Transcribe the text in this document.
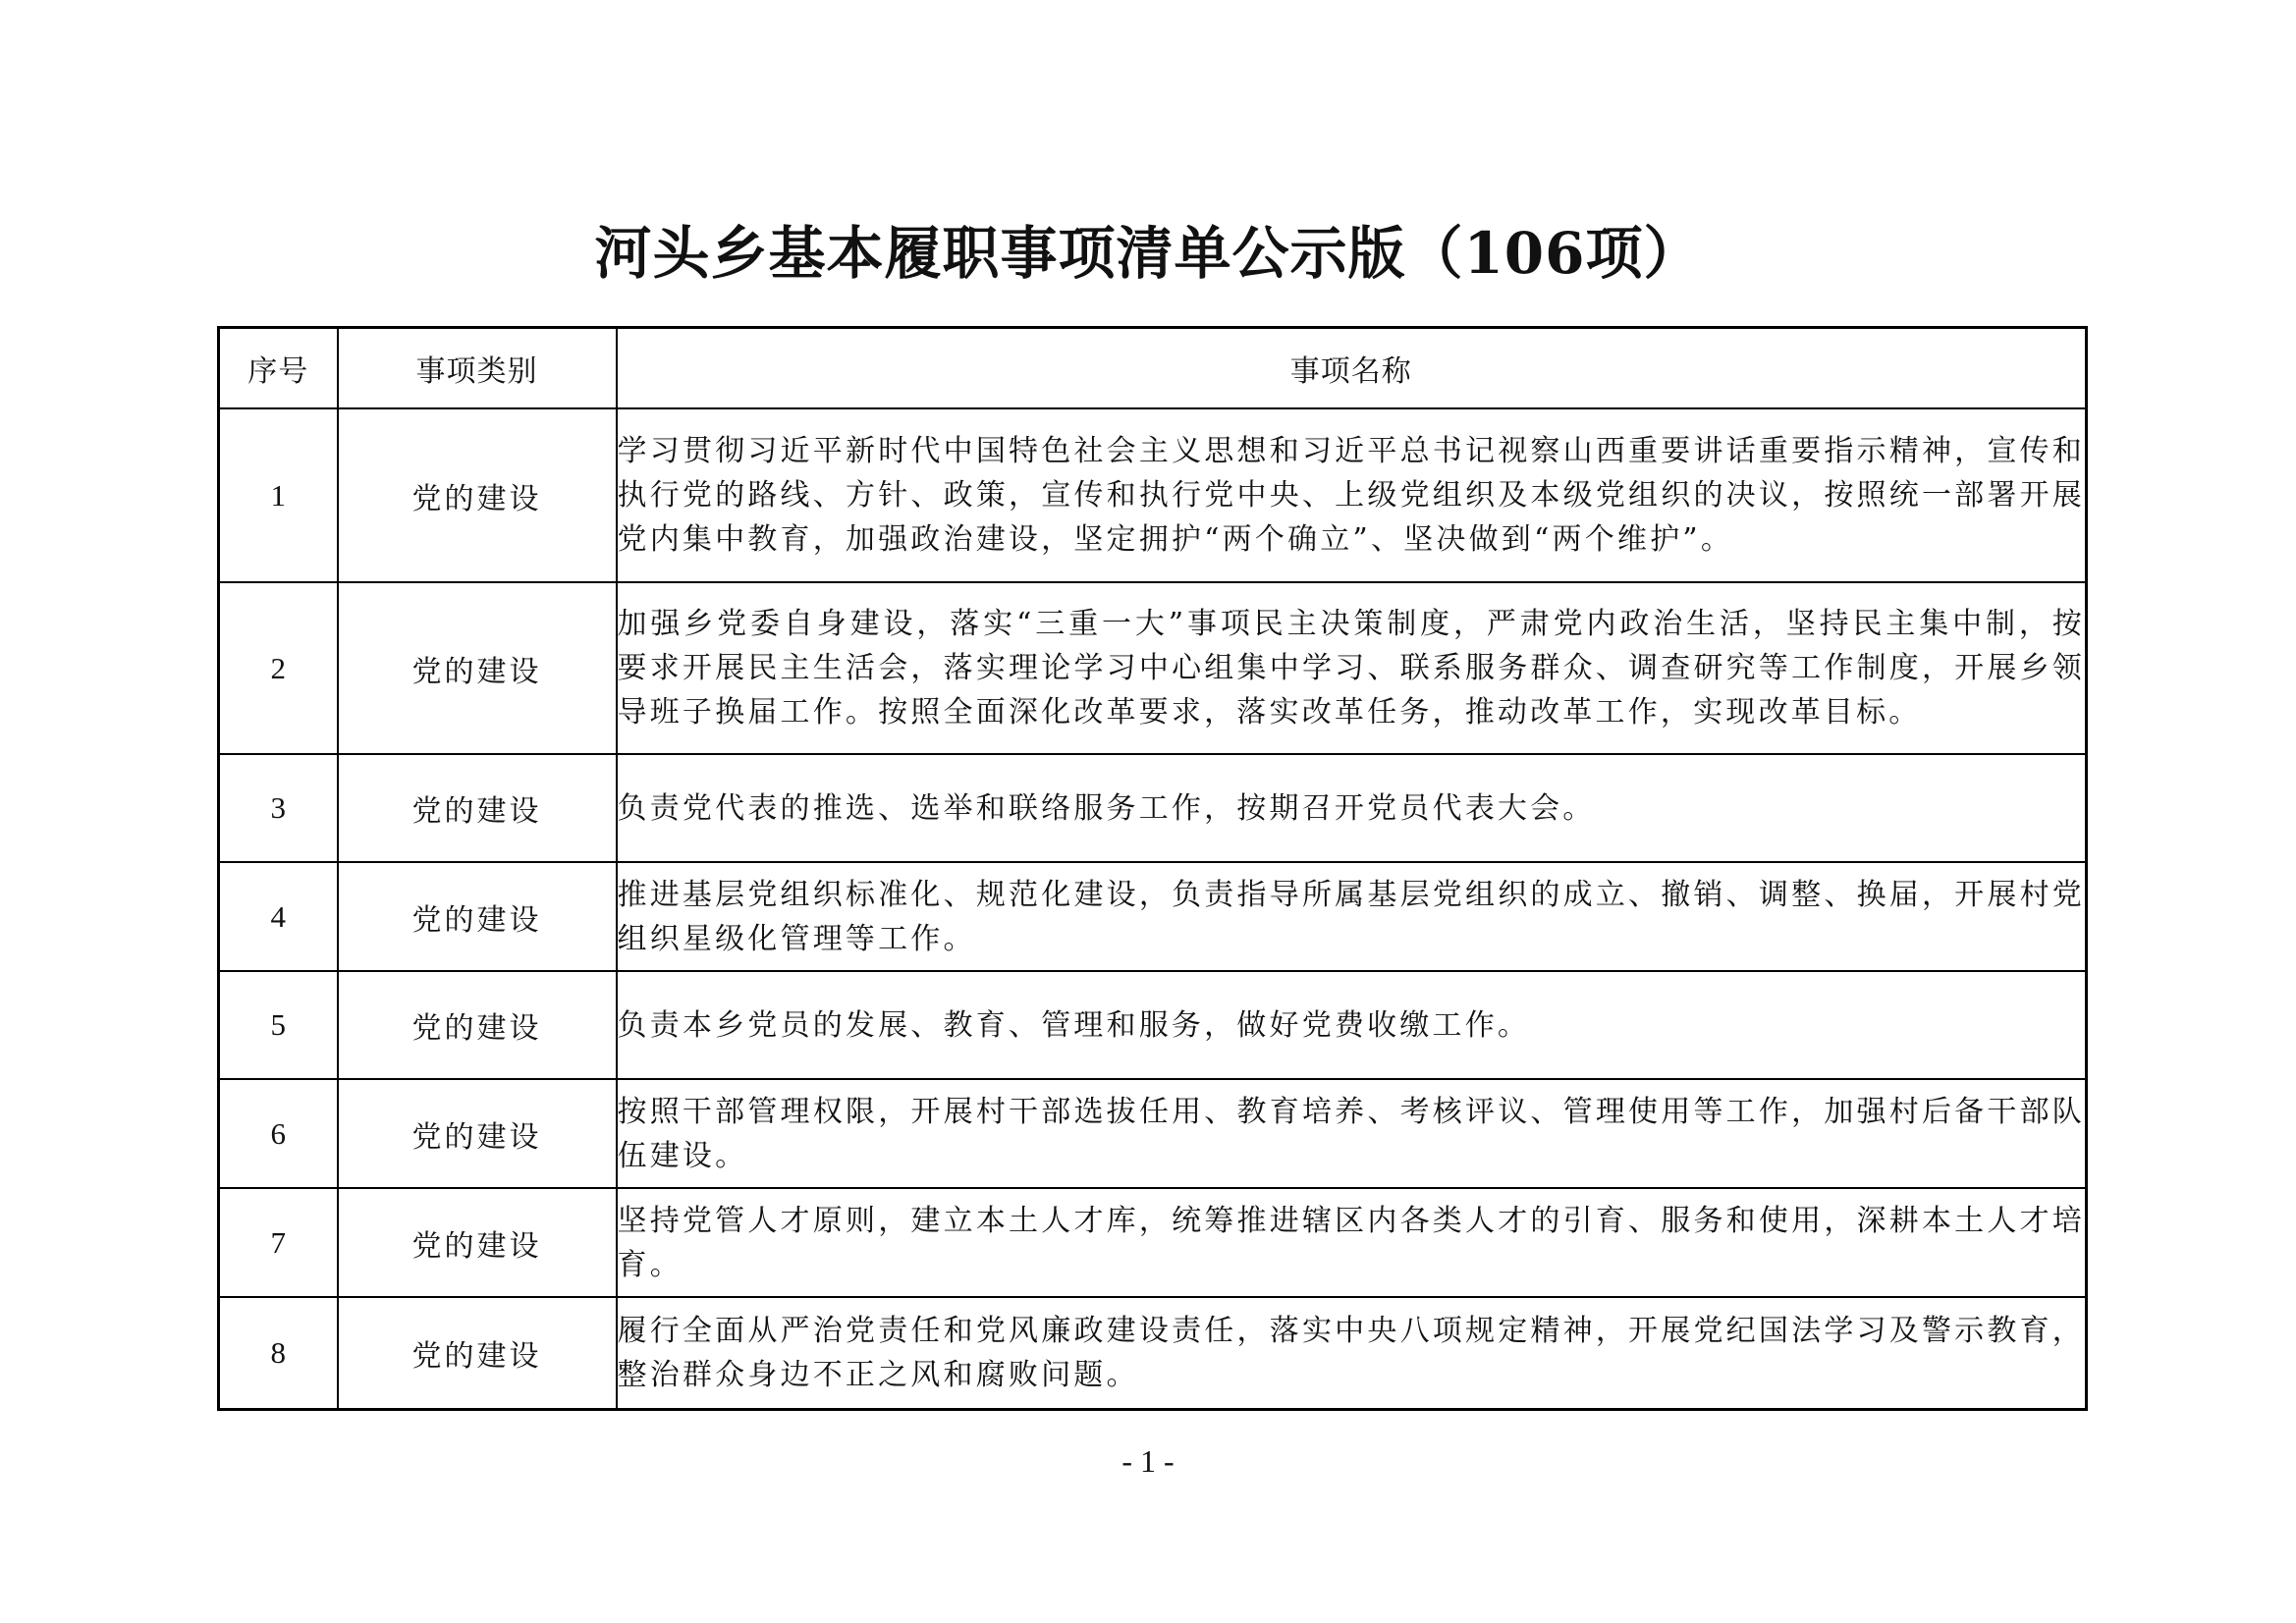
河头乡基本履职事项清单公示版（106项）
序号	事项类别	事项名称
1	党的建设	学习贯彻习近平新时代中国特色社会主义思想和习近平总书记视察山西重要讲话重要指示精神，宣传和执行党的路线、方针、政策，宣传和执行党中央、上级党组织及本级党组织的决议，按照统一部署开展党内集中教育，加强政治建设，坚定拥护“两个确立”、坚决做到“两个维护”。
2	党的建设	加强乡党委自身建设，落实“三重一大”事项民主决策制度，严肃党内政治生活，坚持民主集中制，按要求开展民主生活会，落实理论学习中心组集中学习、联系服务群众、调查研究等工作制度，开展乡领导班子换届工作。按照全面深化改革要求，落实改革任务，推动改革工作，实现改革目标。
3	党的建设	负责党代表的推选、选举和联络服务工作，按期召开党员代表大会。
4	党的建设	推进基层党组织标准化、规范化建设，负责指导所属基层党组织的成立、撤销、调整、换届，开展村党组织星级化管理等工作。
5	党的建设	负责本乡党员的发展、教育、管理和服务，做好党费收缴工作。
6	党的建设	按照干部管理权限，开展村干部选拔任用、教育培养、考核评议、管理使用等工作，加强村后备干部队伍建设。
7	党的建设	坚持党管人才原则，建立本土人才库，统筹推进辖区内各类人才的引育、服务和使用，深耕本土人才培育。
8	党的建设	履行全面从严治党责任和党风廉政建设责任，落实中央八项规定精神，开展党纪国法学习及警示教育，整治群众身边不正之风和腐败问题。
- 1 -
